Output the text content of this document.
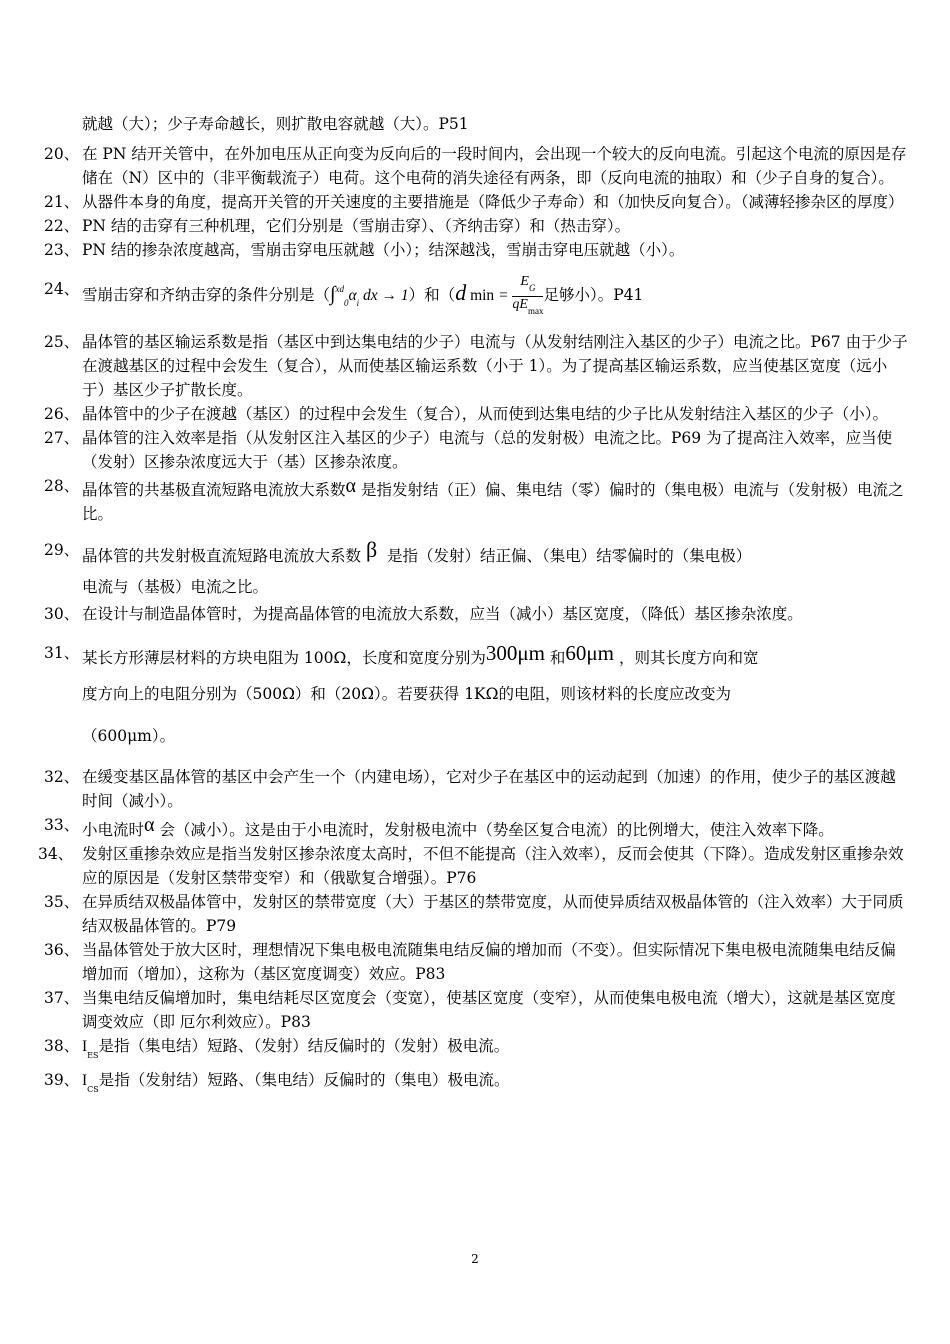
就越（大）；少子寿命越长，则扩散电容就越（大）。P51
20、 在 PN 结开关管中，在外加电压从正向变为反向后的一段时间内，会出现一个较大的反向电流。引起这个电流的原因是存储在（N）区中的（非平衡载流子）电荷。这个电荷的消失途径有两条，即（反向电流的抽取）和（少子自身的复合）。
21、 从器件本身的角度，提高开关管的开关速度的主要措施是（降低少子寿命）和（加快反向复合）。（减薄轻掺杂区的厚度）
22、 PN 结的击穿有三种机理，它们分别是（雪崩击穿）、（齐纳击穿）和（热击穿）。
23、 PN 结的掺杂浓度越高，雪崩击穿电压就越（小）；结深越浅，雪崩击穿电压就越（小）。
24、 雪崩击穿和齐纳击穿的条件分别是（$\int^{xd}_0\alpha_i$ dx → 1）和（d $\min = \frac{E_G}{qE_{max}}$ 足够小）。P41
25、 晶体管的基区输运系数是指（基区中到达集电结的少子）电流与（从发射结刚注入基区的少子）电流之比。P67 由于少子在渡越基区的过程中会发生（复合），从而使基区输运系数（小于 1）。为了提高基区输运系数，应当使基区宽度（远小于）基区少子扩散长度。
26、 晶体管中的少子在渡越（基区）的过程中会发生（复合），从而使到达集电结的少子比从发射结注入基区的少子（小）。
27、 晶体管的注入效率是指（从发射区注入基区的少子）电流与（总的发射极）电流之比。P69 为了提高注入效率，应当使（发射）区掺杂浓度远大于（基）区掺杂浓度。
28、 晶体管的共基极直流短路电流放大系数α 是指发射结（正）偏、集电结（零）偏时的（集电极）电流与（发射极）电流之比。
29、 晶体管的共发射极直流短路电流放大系数 β 是指（发射）结正偏、（集电）结零偏时的（集电极）
电流与（基极）电流之比。
30、 在设计与制造晶体管时，为提高晶体管的电流放大系数，应当（减小）基区宽度，（降低）基区掺杂浓度。
31、 某长方形薄层材料的方块电阻为 100Ω，长度和宽度分别为300μm 和60μm ，则其长度方向和宽
度方向上的电阻分别为（500Ω）和（20Ω）。若要获得 1KΩ的电阻，则该材料的长度应改变为
（600μm）。
32、 在缓变基区晶体管的基区中会产生一个（内建电场），它对少子在基区中的运动起到（加速）的作用，使少子的基区渡越时间（减小）。
33、 小电流时α 会（减小）。这是由于小电流时，发射极电流中（势垒区复合电流）的比例增大，使注入效率下降。
34、 发射区重掺杂效应是指当发射区掺杂浓度太高时，不但不能提高（注入效率），反而会使其（下降）。造成发射区重掺杂效应的原因是（发射区禁带变窄）和（俄歇复合增强）。P76
35、 在异质结双极晶体管中，发射区的禁带宽度（大）于基区的禁带宽度，从而使异质结双极晶体管的（注入效率）大于同质结双极晶体管的。P79
36、 当晶体管处于放大区时，理想情况下集电极电流随集电结反偏的增加而（不变）。但实际情况下集电极电流随集电结反偏增加而（增加），这称为（基区宽度调变）效应。P83
37、 当集电结反偏增加时，集电结耗尽区宽度会（变宽），使基区宽度（变窄），从而使集电极电流（增大），这就是基区宽度调变效应（即 厄尔利效应）。P83
38、 $I_{ES}$是指（集电结）短路、（发射）结反偏时的（发射）极电流。
39、 $I_{CS}$是指（发射结）短路、（集电结）反偏时的（集电）极电流。
2
